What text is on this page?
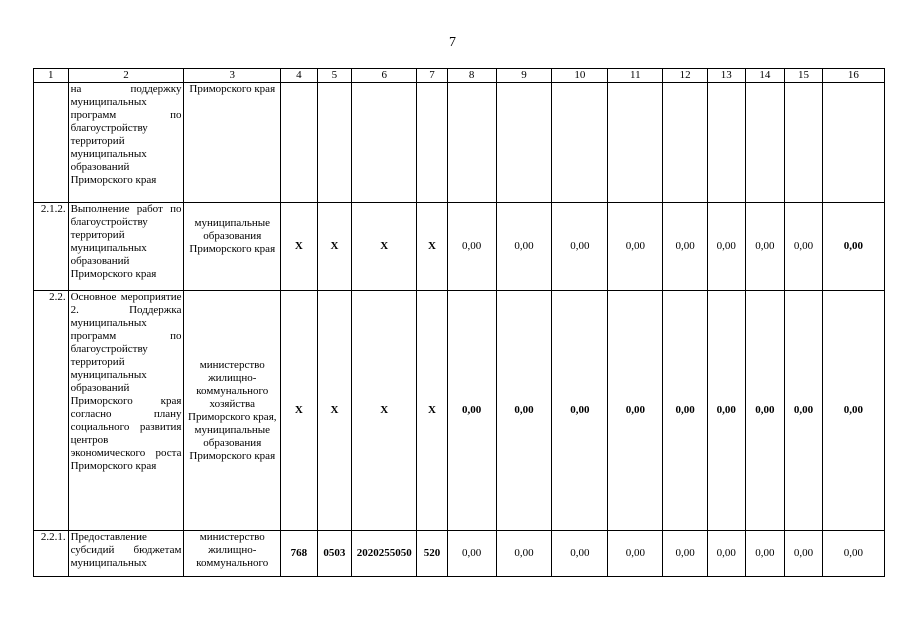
7
1	2	3	4	5	6	7	8	9	10	11	12	13	14	15	16
	на поддержку муниципальных программ по благоустройству территорий муниципальных образований Приморского края	Приморского края													
2.1.2.	Выполнение работ по благоустройству территорий муниципальных образований Приморского края	муниципальные образования Приморского края	X	X	X	X	0,00	0,00	0,00	0,00	0,00	0,00	0,00	0,00	0,00
2.2.	Основное мероприятие 2. Поддержка муниципальных программ по благоустройству территорий муниципальных образований Приморского края согласно плану социального развития центров экономического роста Приморского края	министерство жилищно-коммунального хозяйства Приморского края, муниципальные образования Приморского края	X	X	X	X	0,00	0,00	0,00	0,00	0,00	0,00	0,00	0,00	0,00
2.2.1.	Предоставление субсидий бюджетам муниципальных	министерство жилищно-коммунального	768	0503	2020255050	520	0,00	0,00	0,00	0,00	0,00	0,00	0,00	0,00	0,00
